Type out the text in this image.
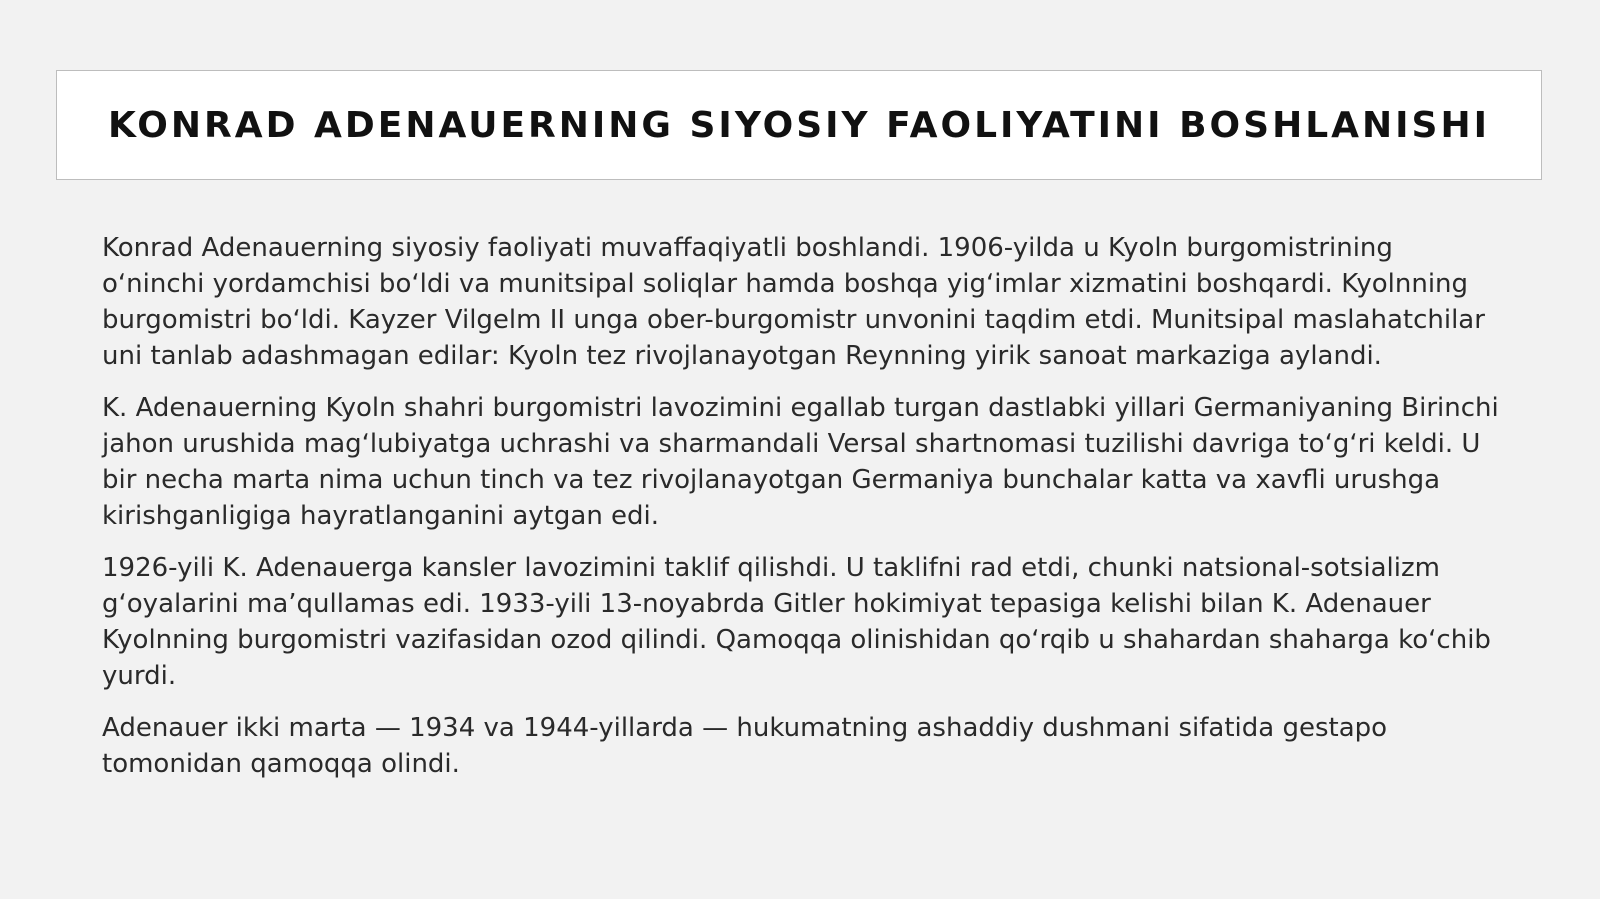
KONRAD ADENAUERNING SIYOSIY FAOLIYATINI BOSHLANISHI

Konrad Adenauerning siyosiy faoliyati muvaffaqiyatli boshlandi. 1906-yilda u Kyoln burgomistrining oʻninchi yordamchisi boʻldi va munitsipal soliqlar hamda boshqa yigʻimlar xizmatini boshqardi. Kyolnning burgomistri boʻldi. Kayzer Vilgelm II unga ober-burgomistr unvonini taqdim etdi. Munitsipal maslahatchilar uni tanlab adashmagan edilar: Kyoln tez rivojlanayotgan Reynning yirik sanoat markaziga aylandi.

K. Adenauerning Kyoln shahri burgomistri lavozimini egallab turgan dastlabki yillari Germaniyaning Birinchi jahon urushida magʻlubiyatga uchrashi va sharmandali Versal shartnomasi tuzilishi davriga toʻgʻri keldi. U bir necha marta nima uchun tinch va tez rivojlanayotgan Germaniya bunchalar katta va xavfli urushga kirishganligiga hayratlanganini aytgan edi.

1926-yili K. Adenauerga kansler lavozimini taklif qilishdi. U taklifni rad etdi, chunki natsional-sotsializm gʻoyalarini maʼqullamas edi. 1933-yili 13-noyabrda Gitler hokimiyat tepasiga kelishi bilan K. Adenauer Kyolnning burgomistri vazifasidan ozod qilindi. Qamoqqa olinishidan qoʻrqib u shahardan shaharga koʻchib yurdi.

Adenauer ikki marta — 1934 va 1944-yillarda — hukumatning ashaddiy dushmani sifatida gestapo tomonidan qamoqqa olindi.
